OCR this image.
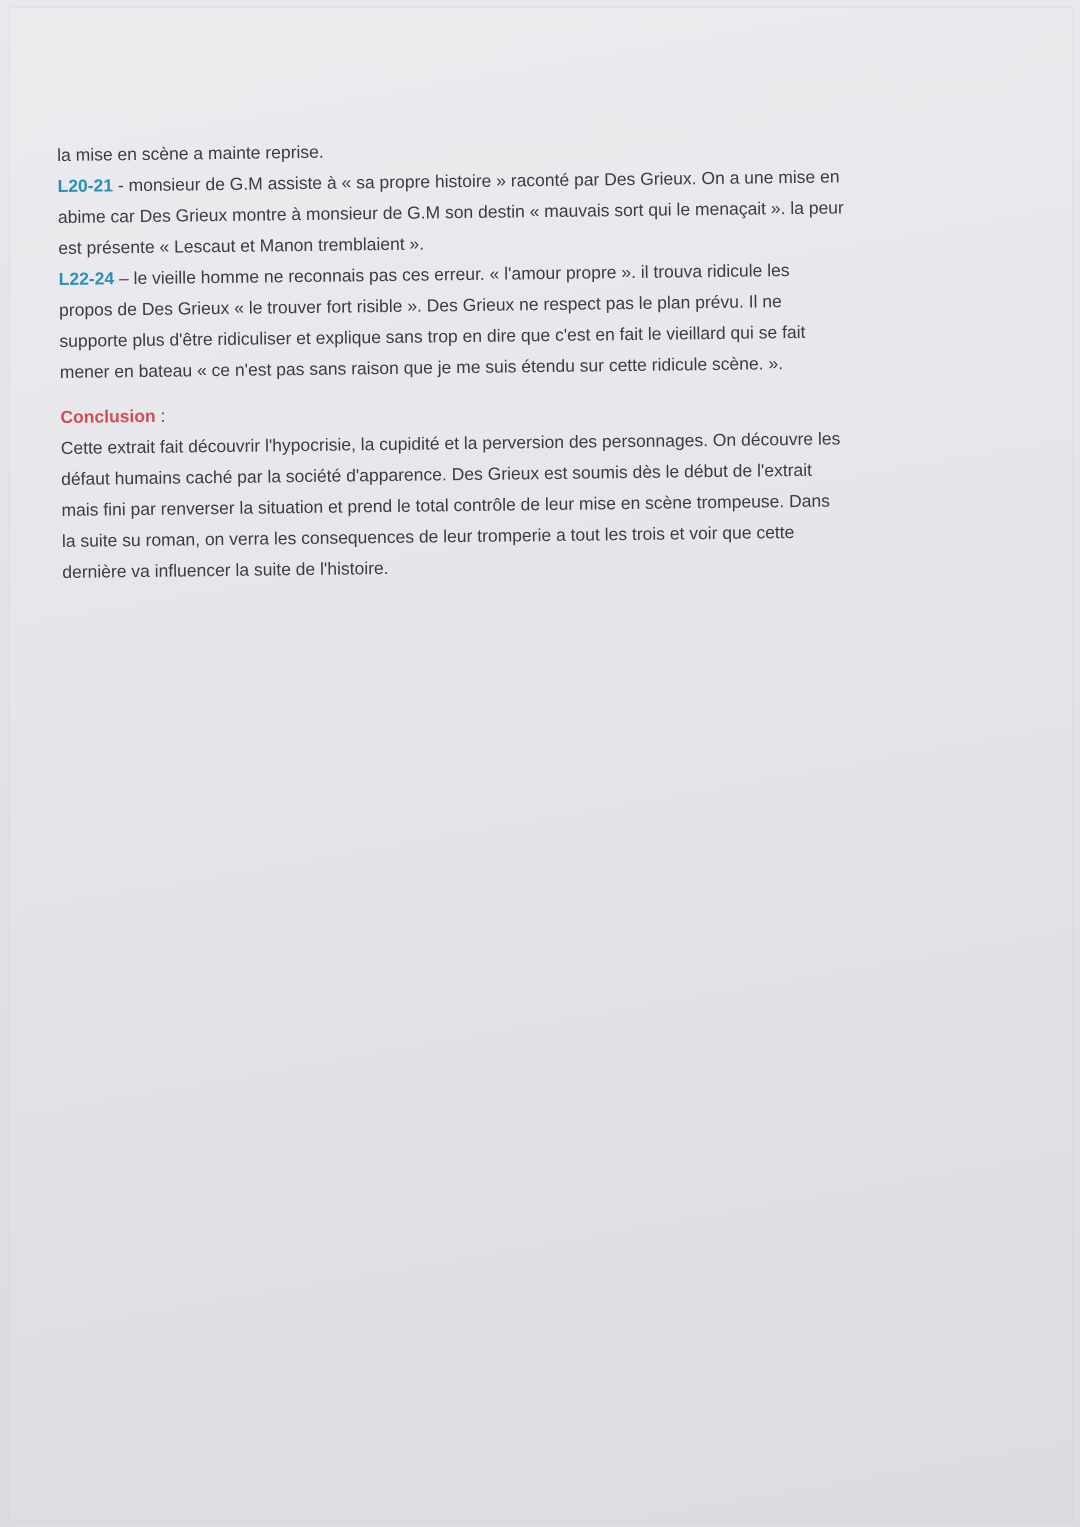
la mise en scène a mainte reprise.
L20-21 - monsieur de G.M assiste à « sa propre histoire » raconté par Des Grieux. On a une mise en
abime car Des Grieux montre à monsieur de G.M son destin « mauvais sort qui le menaçait ». la peur
est présente « Lescaut et Manon tremblaient ».
L22-24 – le vieille homme ne reconnais pas ces erreur. « l'amour propre ». il trouva ridicule les
propos de Des Grieux « le trouver fort risible ». Des Grieux ne respect pas le plan prévu. Il ne
supporte plus d'être ridiculiser et explique sans trop en dire que c'est en fait le vieillard qui se fait
mener en bateau « ce n'est pas sans raison que je me suis étendu sur cette ridicule scène. ».
Conclusion :
Cette extrait fait découvrir l'hypocrisie, la cupidité et la perversion des personnages. On découvre les
défaut humains caché par la société d'apparence. Des Grieux est soumis dès le début de l'extrait
mais fini par renverser la situation et prend le total contrôle de leur mise en scène trompeuse. Dans
la suite su roman, on verra les consequences de leur tromperie a tout les trois et voir que cette
dernière va influencer la suite de l'histoire.
